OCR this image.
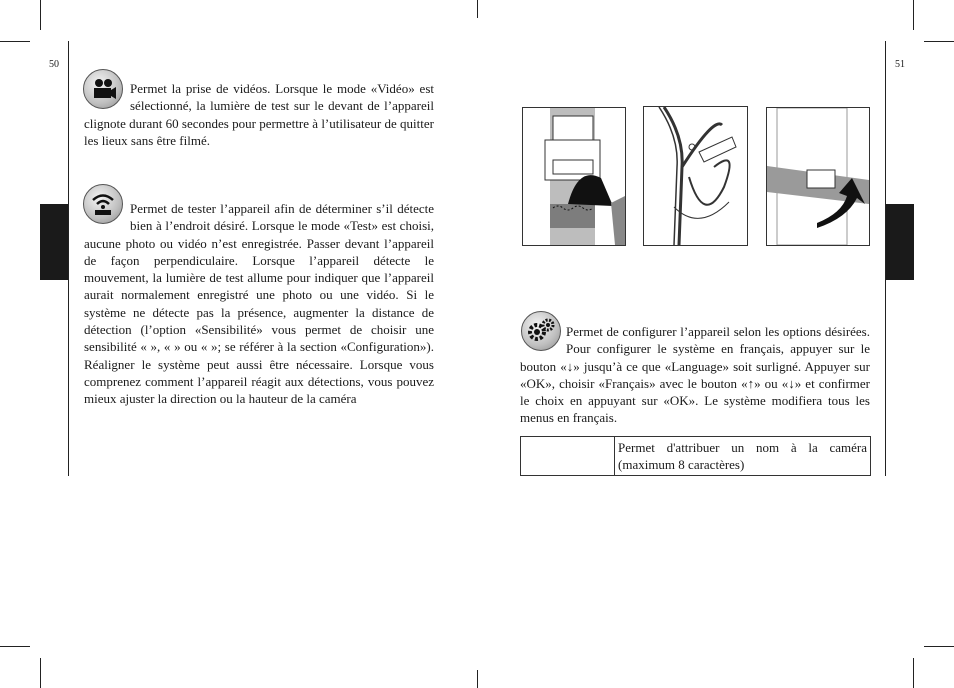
50	51
Permet la prise de vidéos. Lorsque le mode «Vidéo» est sélectionné, la lumière de test sur le devant de l’appareil clignote durant 60 secondes pour permettre à l’utilisateur de quitter les lieux sans être filmé.
Permet de tester l’appareil afin de déterminer s’il détecte bien à l’endroit désiré. Lorsque le mode «Test» est choisi, aucune photo ou vidéo n’est enregistrée. Passer devant l’appareil de façon perpendiculaire. Lorsque l’appareil détecte le mouvement, la lumière de test allume pour indiquer que l’appareil aurait normalement enregistré une photo ou une vidéo. Si le système ne détecte pas la présence, augmenter la distance de détection (l’option «Sensibilité» vous permet de choisir une sensibilité « », « » ou « »; se référer à la section «Configuration»). Réaligner le système peut aussi être nécessaire. Lorsque vous comprenez comment l’appareil réagit aux détections, vous pouvez mieux ajuster la direction ou la hauteur de la caméra
Permet de configurer l’appareil selon les options désirées. Pour configurer le système en français, appuyer sur le bouton «↓» jusqu’à ce que «Language» soit surligné. Appuyer sur «OK», choisir «Français» avec le bouton «↑» ou «↓» et confirmer le choix en appuyant sur «OK». Le système modifiera tous les menus en français.
	Permet d'attribuer un nom à la caméra (maximum 8 caractères)
